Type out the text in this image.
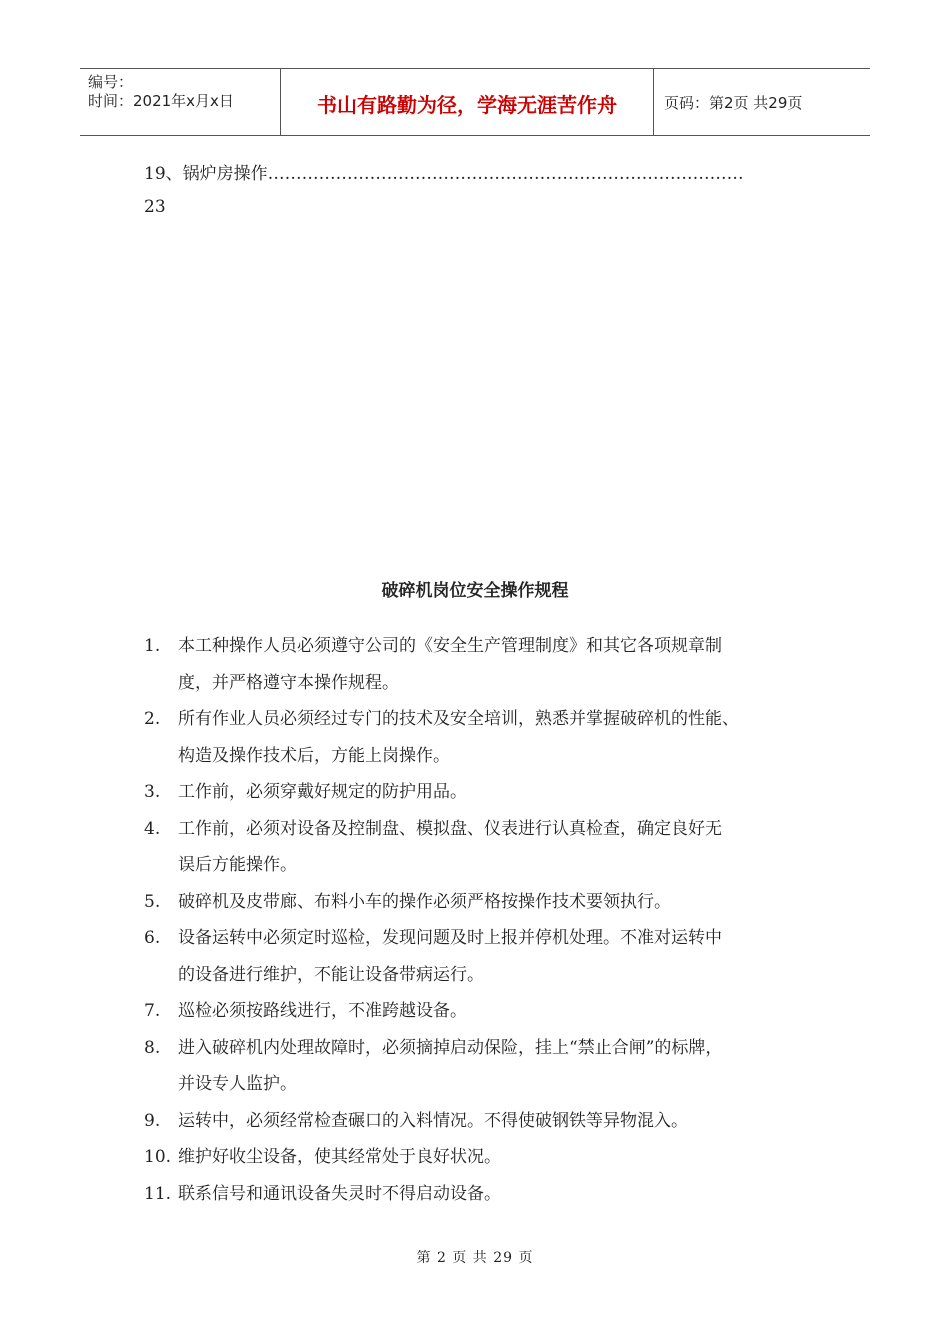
编号：
时间：2021年x月x日	书山有路勤为径，学海无涯苦作舟	页码：第2页 共29页
19、锅炉房操作…………………………………………………………………………
23
破碎机岗位安全操作规程
1.	本工种操作人员必须遵守公司的《安全生产管理制度》和其它各项规章制
度，并严格遵守本操作规程。
2.	所有作业人员必须经过专门的技术及安全培训，熟悉并掌握破碎机的性能、
构造及操作技术后，方能上岗操作。
3.	工作前，必须穿戴好规定的防护用品。
4.	工作前，必须对设备及控制盘、模拟盘、仪表进行认真检查，确定良好无
误后方能操作。
5.	破碎机及皮带廊、布料小车的操作必须严格按操作技术要领执行。
6.	设备运转中必须定时巡检，发现问题及时上报并停机处理。不准对运转中
的设备进行维护，不能让设备带病运行。
7.	巡检必须按路线进行，不准跨越设备。
8.	进入破碎机内处理故障时，必须摘掉启动保险，挂上“禁止合闸”的标牌，
并设专人监护。
9.	运转中，必须经常检查碾口的入料情况。不得使破钢铁等异物混入。
10. 维护好收尘设备，使其经常处于良好状况。
11. 联系信号和通讯设备失灵时不得启动设备。
第 2 页 共 29 页
